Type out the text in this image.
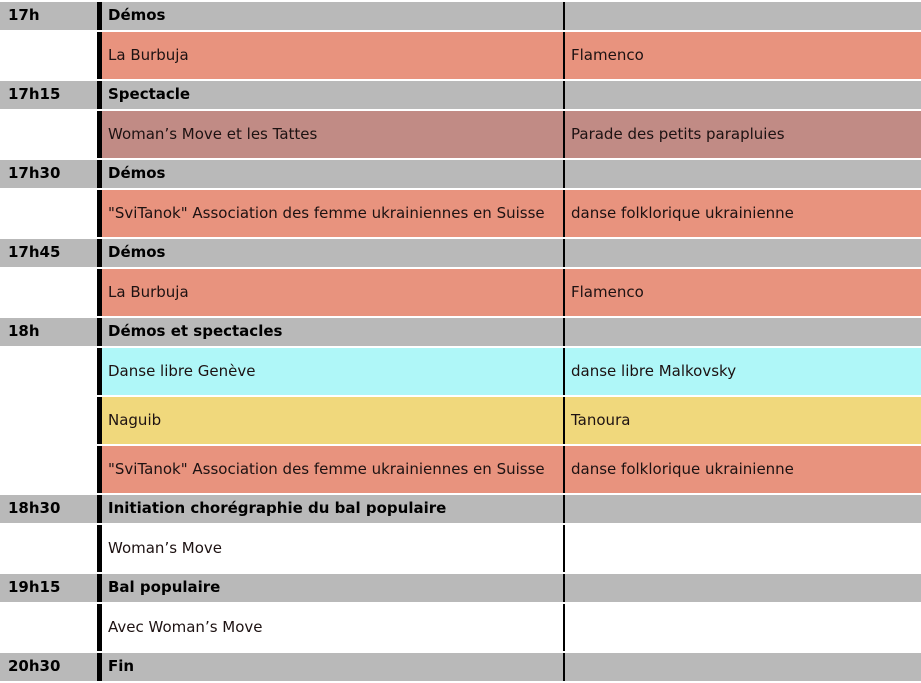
17h	Démos	
	La Burbuja	Flamenco
17h15	Spectacle	
	Woman’s Move et les Tattes	Parade des petits parapluies
17h30	Démos	
	"SviTanok" Association des femme ukrainiennes en Suisse	danse folklorique ukrainienne
17h45	Démos	
	La Burbuja	Flamenco
18h	Démos et spectacles	
	Danse libre Genève	danse libre Malkovsky
	Naguib	Tanoura
	"SviTanok" Association des femme ukrainiennes en Suisse	danse folklorique ukrainienne
18h30	Initiation chorégraphie du bal populaire	
	Woman’s Move	
19h15	Bal populaire	
	Avec Woman’s Move	
20h30	Fin	
